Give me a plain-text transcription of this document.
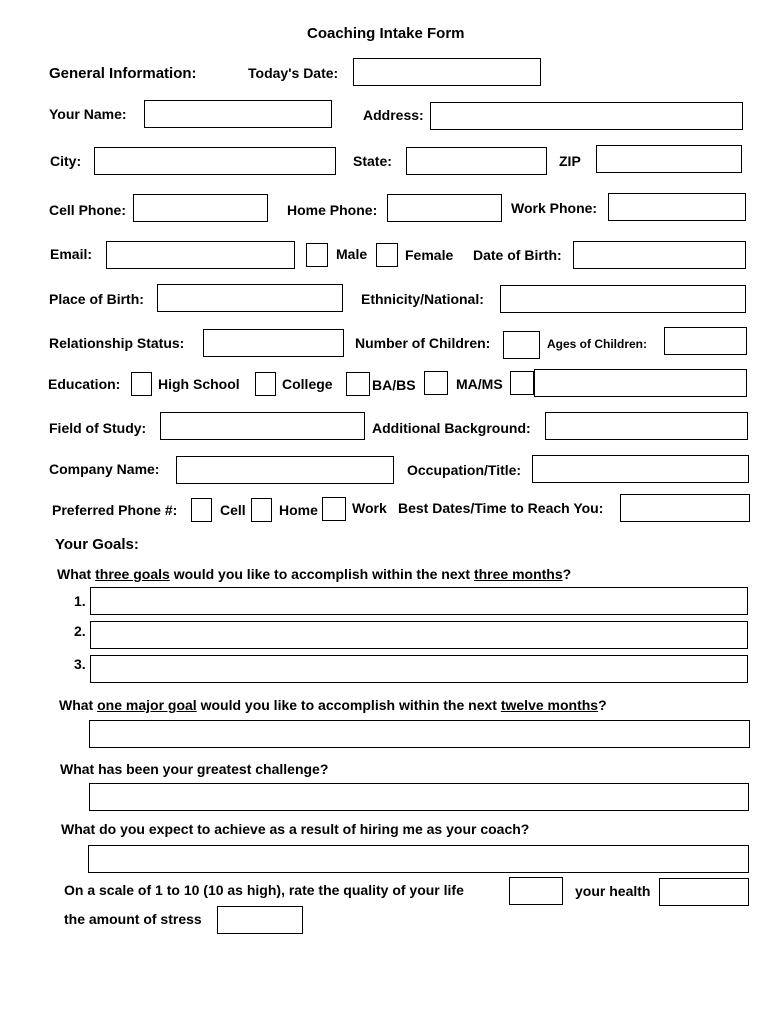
Coaching Intake Form
General Information:	Today's Date:
Your Name:	Address:
City:	State:	ZIP
Cell Phone:	Home Phone:	Work Phone:
Email:	Male	Female Date of Birth:
Place of Birth:	Ethnicity/National:
Relationship Status:	Number of Children:	Ages of Children:
Education:	High School	College	BA/BS	MA/MS
Field of Study:	Additional Background:
Company Name:	Occupation/Title:
Preferred Phone #:	Cell Home Work Best Dates/Time to Reach You:
Your Goals:
What three goals would you like to accomplish within the next three months?
1.
2.
3.
What one major goal would you like to accomplish within the next twelve months?
What has been your greatest challenge?
What do you expect to achieve as a result of hiring me as your coach?
On a scale of 1 to 10 (10 as high), rate the quality of your life	your health
the amount of stress
